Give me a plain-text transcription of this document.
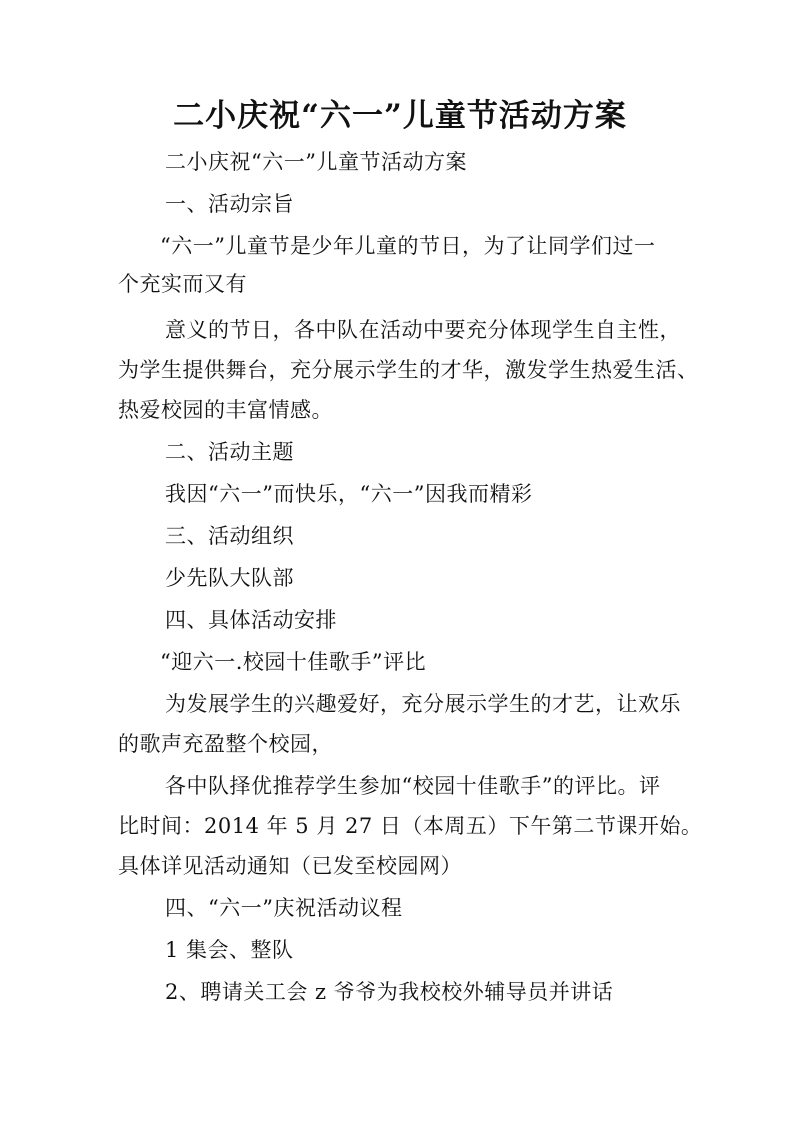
二小庆祝“六一”儿童节活动方案
二小庆祝“六一”儿童节活动方案
一、活动宗旨
“六一”儿童节是少年儿童的节日，为了让同学们过一
个充实而又有
意义的节日，各中队在活动中要充分体现学生自主性，
为学生提供舞台，充分展示学生的才华，激发学生热爱生活、
热爱校园的丰富情感。
二、活动主题
我因“六一”而快乐，“六一”因我而精彩
三、活动组织
少先队大队部
四、具体活动安排
“迎六一.校园十佳歌手”评比
为发展学生的兴趣爱好，充分展示学生的才艺，让欢乐
的歌声充盈整个校园，
各中队择优推荐学生参加“校园十佳歌手”的评比。评
比时间：2014 年 5 月 27 日（本周五）下午第二节课开始。
具体详见活动通知（已发至校园网）
四、“六一”庆祝活动议程
1 集会、整队
2、聘请关工会 z 爷爷为我校校外辅导员并讲话
